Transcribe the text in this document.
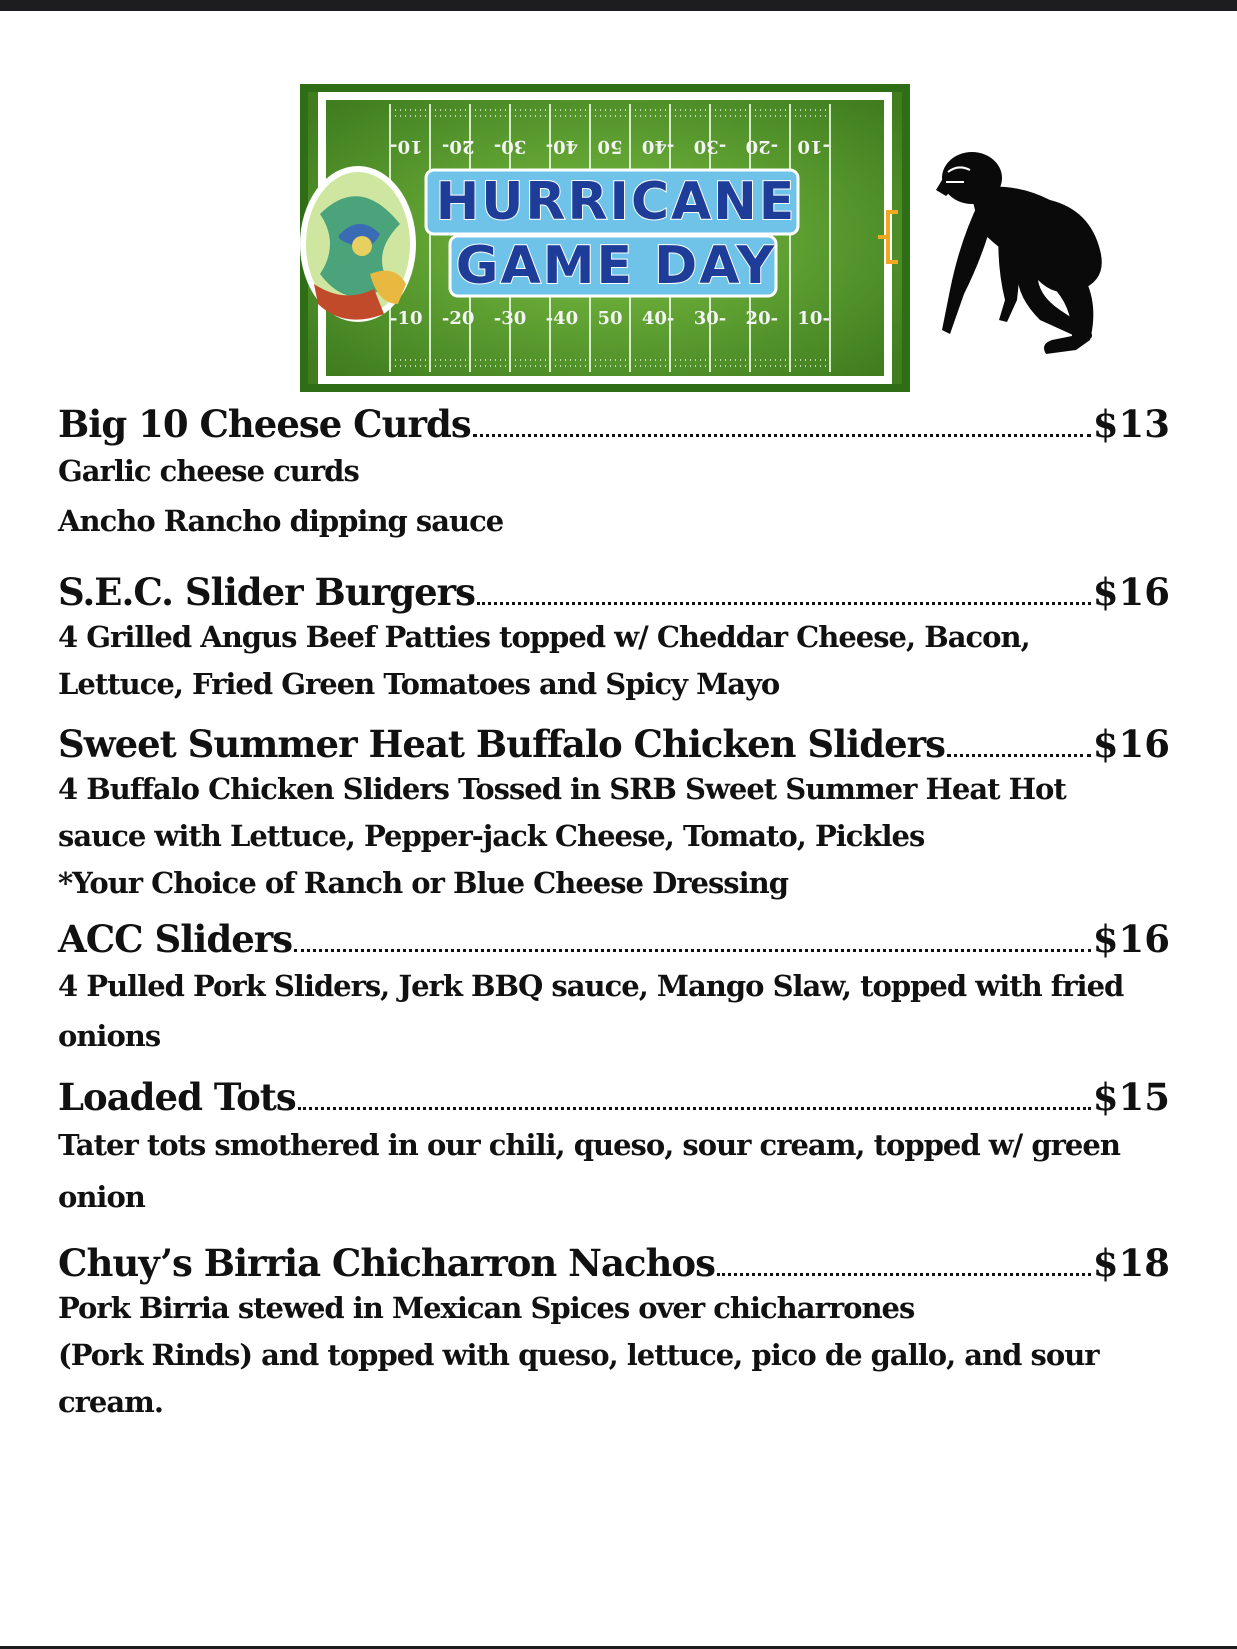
-10
-20
-30
-40
50
40-
30-
20-
10-
-10 -20 -30 -40 50 40- 30- 20- 10-
HURRICANE
GAME DAY
Big 10 Cheese Curds	$13
Garlic cheese curds
Ancho Rancho dipping sauce
S.E.C. Slider Burgers	$16
4 Grilled Angus Beef Patties topped w/ Cheddar Cheese, Bacon,
Lettuce, Fried Green Tomatoes and Spicy Mayo
Sweet Summer Heat Buffalo Chicken Sliders	$16
4 Buffalo Chicken Sliders Tossed in SRB Sweet Summer Heat Hot
sauce with Lettuce, Pepper-jack Cheese, Tomato, Pickles
*Your Choice of Ranch or Blue Cheese Dressing
ACC Sliders	$16
4 Pulled Pork Sliders, Jerk BBQ sauce, Mango Slaw, topped with fried
onions
Loaded Tots	$15
Tater tots smothered in our chili, queso, sour cream, topped w/ green
onion
Chuy’s Birria Chicharron Nachos	$18
Pork Birria stewed in Mexican Spices over chicharrones
(Pork Rinds) and topped with queso, lettuce, pico de gallo, and sour
cream.
